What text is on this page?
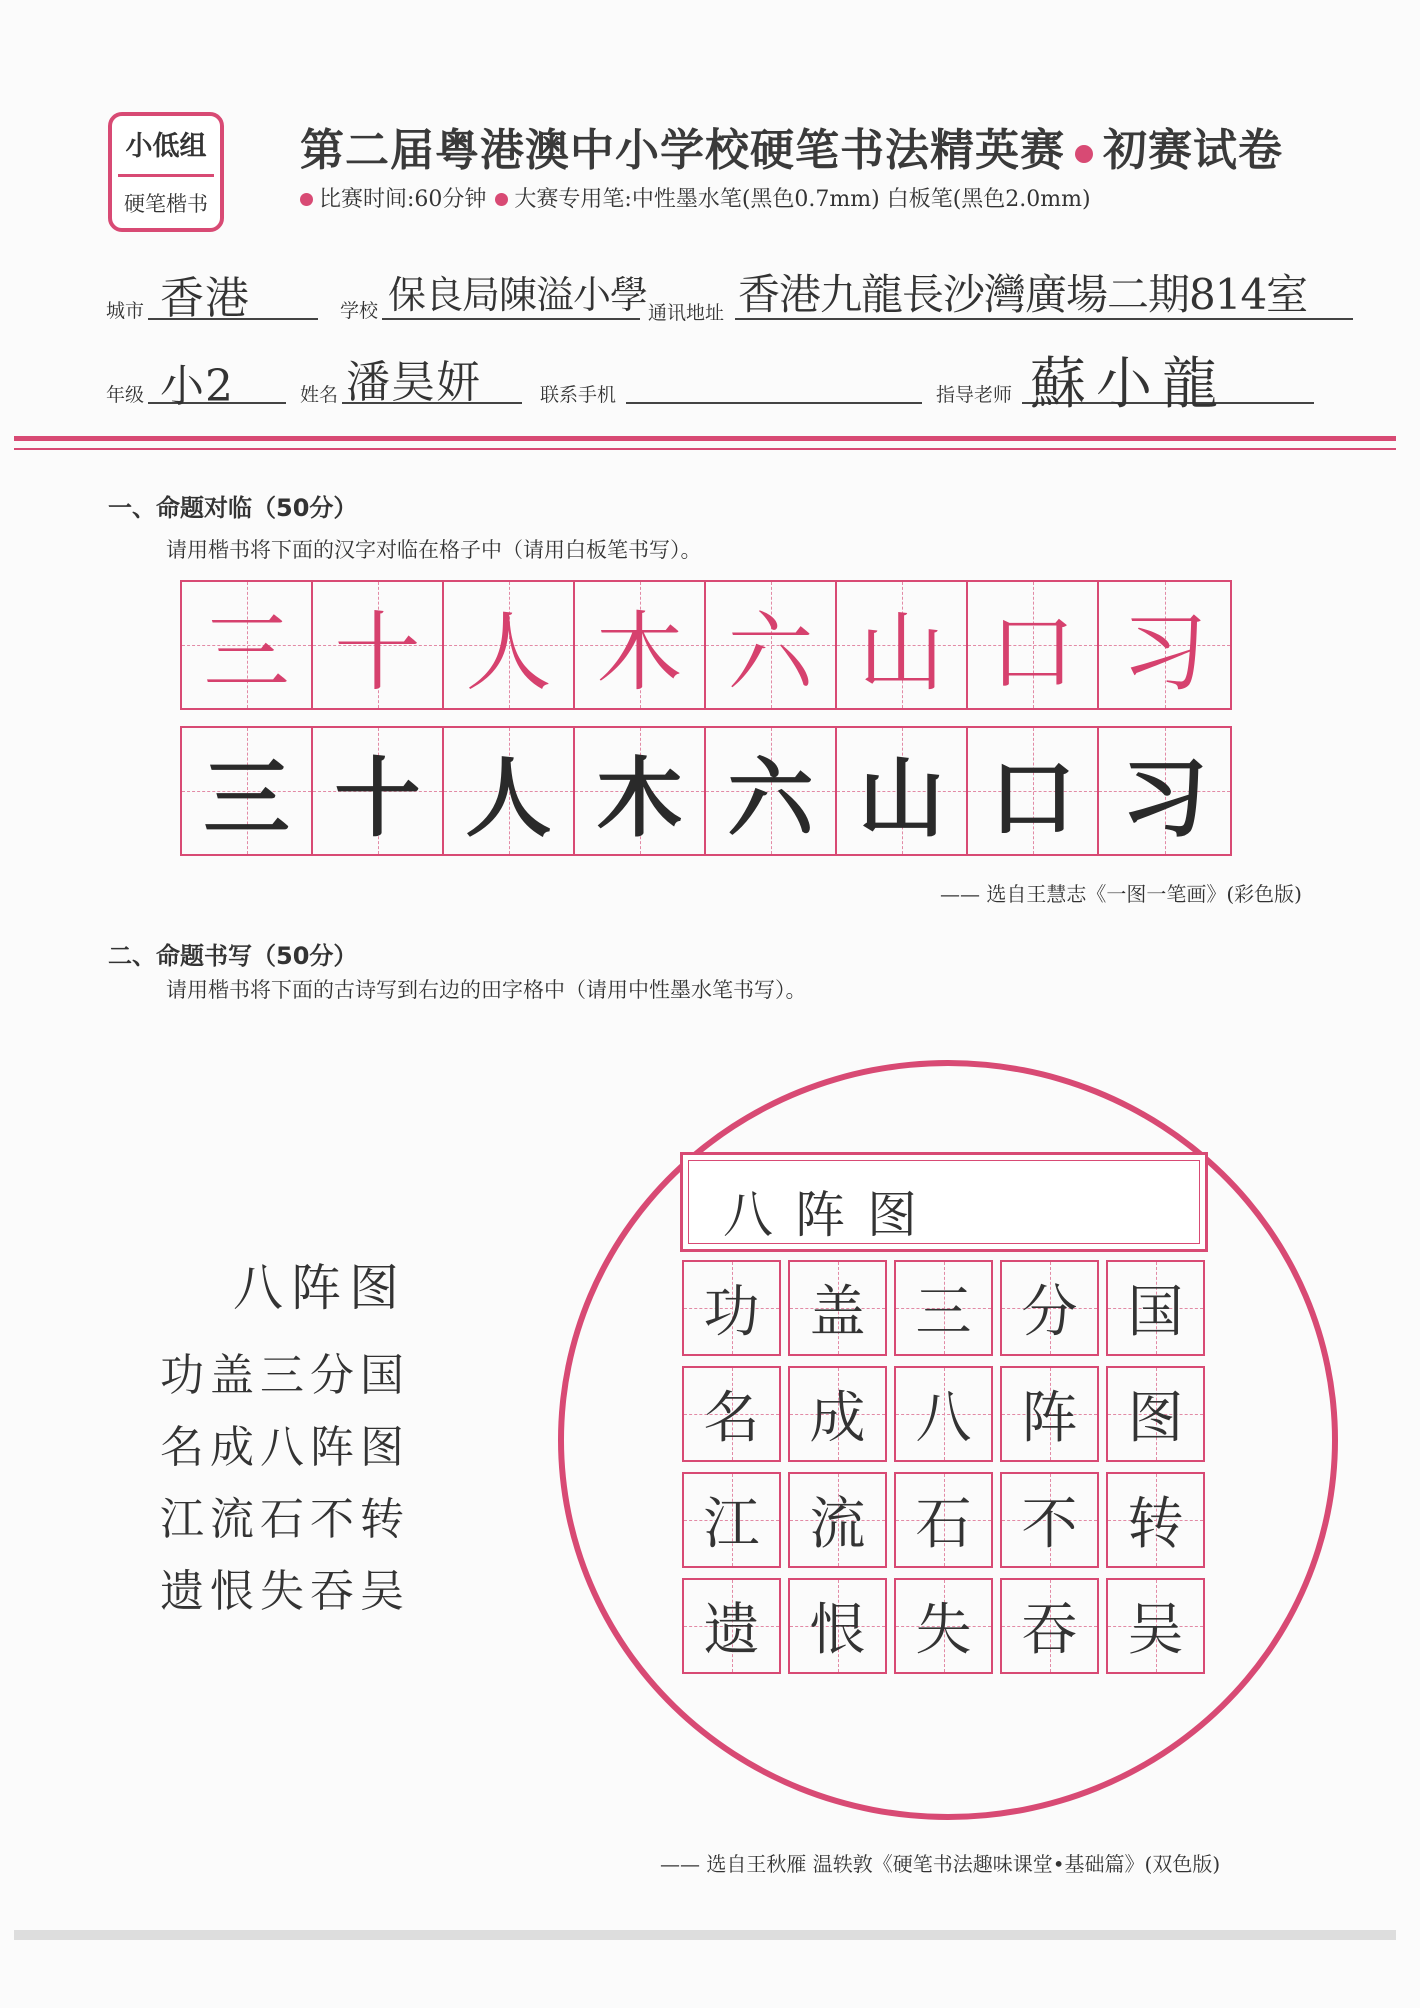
小低组
硬笔楷书
第二届粤港澳中小学校硬笔书法精英赛 初赛试卷
比赛时间:60分钟 大赛专用笔:中性墨水笔(黑色0.7mm) 白板笔(黑色2.0mm)
城市 香港	学校 保良局陳溢小學 通讯地址 香港九龍長沙灣廣場二期814室
年级 小2	姓名 潘昊妍	联系手机	指导老师 蘇小龍
一、命题对临（50分）
请用楷书将下面的汉字对临在格子中（请用白板笔书写）。
三 十 人 木 六 山 口 习
三 十 人 木 六 山 口 习
—— 选自王慧志《一图一笔画》(彩色版)
二、命题书写（50分）
请用楷书将下面的古诗写到右边的田字格中（请用中性墨水笔书写）。
八阵图
功盖三分国
名成八阵图
江流石不转
遗恨失吞吴
八阵图
功 盖 三 分 国
名 成 八 阵 图
江 流 石 不 转
遗 恨 失 吞 吴
—— 选自王秋雁 温轶敦《硬笔书法趣味课堂•基础篇》(双色版)
